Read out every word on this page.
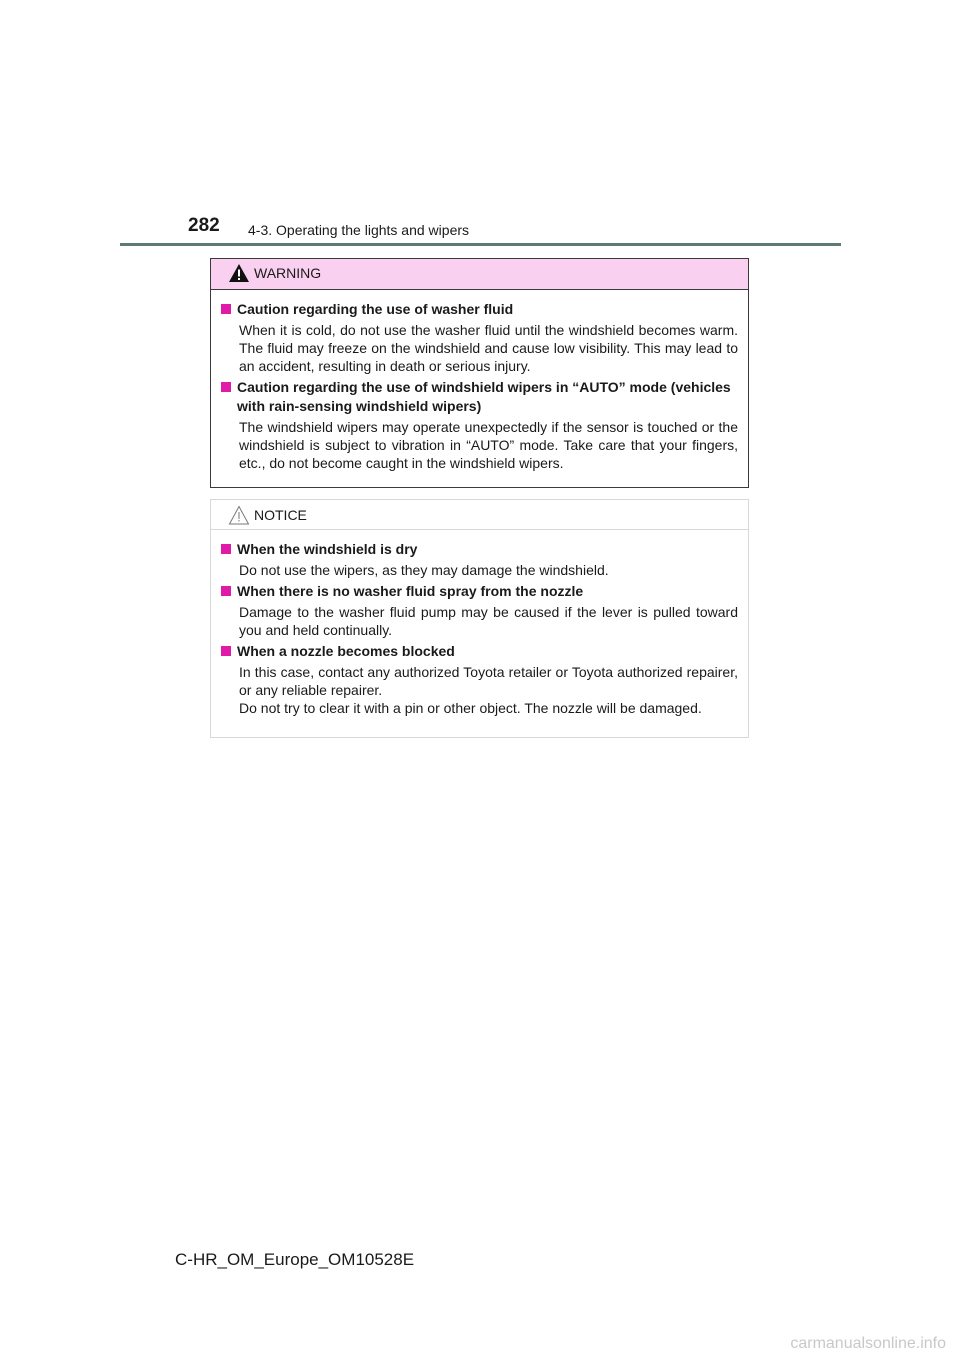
282 4-3. Operating the lights and wipers
WARNING
Caution regarding the use of washer fluid

When it is cold, do not use the washer fluid until the windshield becomes warm. The fluid may freeze on the windshield and cause low visibility. This may lead to an accident, resulting in death or serious injury.

Caution regarding the use of windshield wipers in “AUTO” mode (vehicles with rain-sensing windshield wipers)

The windshield wipers may operate unexpectedly if the sensor is touched or the windshield is subject to vibration in “AUTO” mode. Take care that your fingers, etc., do not become caught in the windshield wipers.

NOTICE
When the windshield is dry

Do not use the wipers, as they may damage the windshield.

When there is no washer fluid spray from the nozzle

Damage to the washer fluid pump may be caused if the lever is pulled toward you and held continually.

When a nozzle becomes blocked

In this case, contact any authorized Toyota retailer or Toyota authorized repairer, or any reliable repairer.

Do not try to clear it with a pin or other object. The nozzle will be damaged.

C-HR_OM_Europe_OM10528E
carmanualsonline.info
